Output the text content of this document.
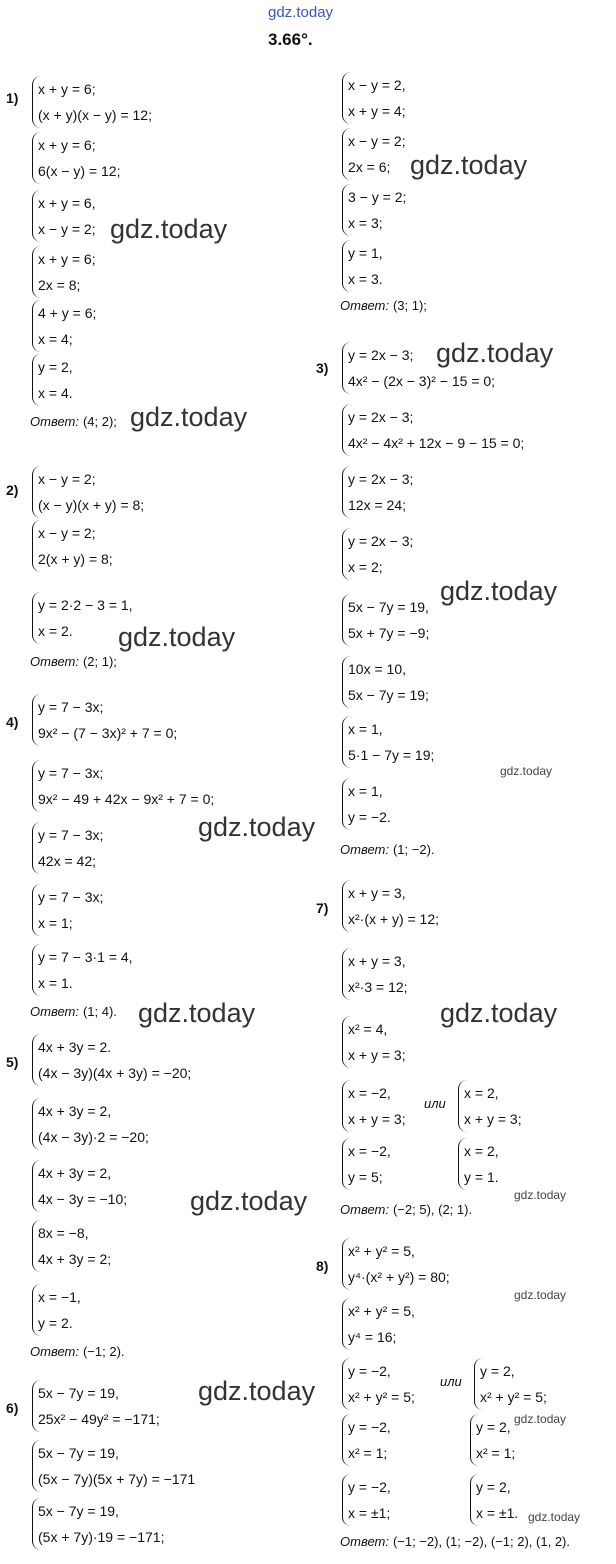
gdz.today
3.66°.
1)
x + y = 6;
(x + y)(x − y) = 12;
x + y = 6;
6(x − y) = 12;
x + y = 6,
x − y = 2;
x + y = 6;
2x = 8;
4 + y = 6;
x = 4;
y = 2,
x = 4.
Ответ: (4; 2);
2)
x − y = 2;
(x − y)(x + y) = 8;
x − y = 2;
2(x + y) = 8;
y = 2·2 − 3 = 1,
x = 2.
Ответ: (2; 1);
4)
y = 7 − 3x;
9x² − (7 − 3x)² + 7 = 0;
y = 7 − 3x;
9x² − 49 + 42x − 9x² + 7 = 0;
y = 7 − 3x;
42x = 42;
y = 7 − 3x;
x = 1;
y = 7 − 3·1 = 4,
x = 1.
Ответ: (1; 4).
5)
4x + 3y = 2.
(4x − 3y)(4x + 3y) = −20;
4x + 3y = 2,
(4x − 3y)·2 = −20;
4x + 3y = 2,
4x − 3y = −10;
8x = −8,
4x + 3y = 2;
x = −1,
y = 2.
Ответ: (−1; 2).
6)
5x − 7y = 19,
25x² − 49y² = −171;
5x − 7y = 19,
(5x − 7y)(5x + 7y) = −171
5x − 7y = 19,
(5x + 7y)·19 = −171;
x − y = 2,
x + y = 4;
x − y = 2;
2x = 6;
3 − y = 2;
x = 3;
y = 1,
x = 3.
Ответ: (3; 1);
3)
y = 2x − 3;
4x² − (2x − 3)² − 15 = 0;
y = 2x − 3;
4x² − 4x² + 12x − 9 − 15 = 0;
y = 2x − 3;
12x = 24;
y = 2x − 3;
x = 2;
5x − 7y = 19,
5x + 7y = −9;
10x = 10,
5x − 7y = 19;
x = 1,
5·1 − 7y = 19;
x = 1,
y = −2.
Ответ: (1; −2).
7)
x + y = 3,
x²·(x + y) = 12;
x + y = 3,
x²·3 = 12;
x² = 4,
x + y = 3;
x = −2,
x + y = 3;
или
x = 2,
x + y = 3;
x = −2,
y = 5;
x = 2,
y = 1.
Ответ: (−2; 5), (2; 1).
8)
x² + y² = 5,
y⁴·(x² + y²) = 80;
x² + y² = 5,
y⁴ = 16;
y = −2,
x² + y² = 5;
или
y = 2,
x² + y² = 5;
y = −2,
x² = 1;
y = 2,
x² = 1;
y = −2,
x = ±1;
y = 2,
x = ±1.
Ответ: (−1; −2), (1; −2), (−1; 2), (1, 2).
gdz.today
gdz.today
gdz.today
gdz.today
gdz.today
gdz.today
gdz.today
gdz.today
gdz.today	gdz.today
gdz.today	gdz.today
gdz.today
gdz.today
gdz.today
gdz.today
